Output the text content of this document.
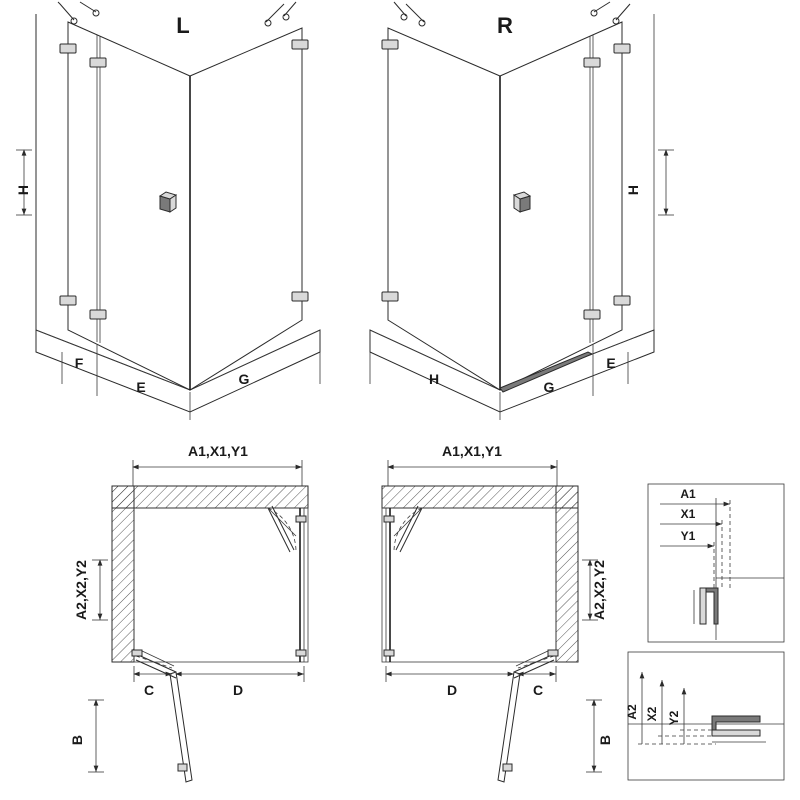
L
H
F
E	G
R
H
E
G
H
A1,X1,Y1
A2,X2,Y2
C	D
B
A1,X1,Y1
A2,X2,Y2
D	C
B
A1
X1
Y1
A2 X2 Y2
